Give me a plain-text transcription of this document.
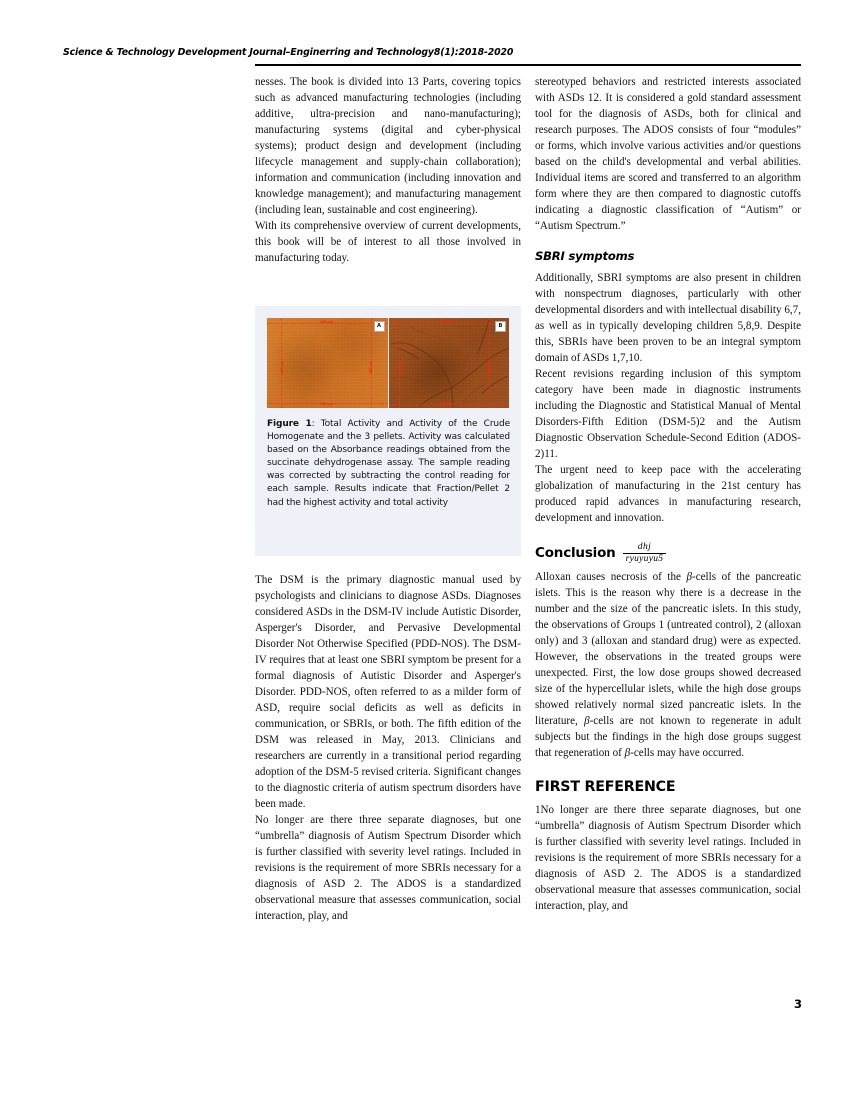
Science & Technology Development Journal–Enginerring and Technology8(1):2018-2020

nesses. The book is divided into 13 Parts, covering topics such as advanced manufacturing technologies (including additive, ultra-precision and nano-manufacturing); manufacturing systems (digital and cyber-physical systems); product design and development (including lifecycle management and supply-chain collaboration); information and communication (including innovation and knowledge management); and manufacturing management (including lean, sustainable and cost engineering).

With its comprehensive overview of current developments, this book will be of interest to all those involved in manufacturing today.

100 µm
100 µm
100 µm	100 µm
A
100 µm
100 µm
100 µm	100 µm
B
Figure 1: Total Activity and Activity of the Crude Homogenate and the 3 pellets. Activity was calculated based on the Absorbance readings obtained from the succinate dehydrogenase assay. The sample reading was corrected by subtracting the control reading for each sample. Results indicate that Fraction/Pellet 2 had the highest activity and total activity

The DSM is the primary diagnostic manual used by psychologists and clinicians to diagnose ASDs. Diagnoses considered ASDs in the DSM-IV include Autistic Disorder, Asperger's Disorder, and Pervasive Developmental Disorder Not Otherwise Specified (PDD-NOS). The DSM-IV requires that at least one SBRI symptom be present for a formal diagnosis of Autistic Disorder and Asperger's Disorder. PDD-NOS, often referred to as a milder form of ASD, require social deficits as well as deficits in communication, or SBRIs, or both. The fifth edition of the DSM was released in May, 2013. Clinicians and researchers are currently in a transitional period regarding adoption of the DSM-5 revised criteria. Significant changes to the diagnostic criteria of autism spectrum disorders have been made.

No longer are there three separate diagnoses, but one “umbrella” diagnosis of Autism Spectrum Disorder which is further classified with severity level ratings. Included in revisions is the requirement of more SBRIs necessary for a diagnosis of ASD 2. The ADOS is a standardized observational measure that assesses communication, social interaction, play, and

stereotyped behaviors and restricted interests associated with ASDs 12. It is considered a gold standard assessment tool for the diagnosis of ASDs, both for clinical and research purposes. The ADOS consists of four “modules” or forms, which involve various activities and/or questions based on the child's developmental and verbal abilities. Individual items are scored and transferred to an algorithm form where they are then compared to diagnostic cutoffs indicating a diagnostic classification of “Autism” or “Autism Spectrum.”

SBRI symptoms

Additionally, SBRI symptoms are also present in children with nonspectrum diagnoses, particularly with other developmental disorders and with intellectual disability 6,7, as well as in typically developing children 5,8,9. Despite this, SBRIs have been proven to be an integral symptom domain of ASDs 1,7,10.

Recent revisions regarding inclusion of this symptom category have been made in diagnostic instruments including the Diagnostic and Statistical Manual of Mental Disorders-Fifth Edition (DSM-5)2 and the Autism Diagnostic Observation Schedule-Second Edition (ADOS- 2)11.

The urgent need to keep pace with the accelerating globalization of manufacturing in the 21st century has produced rapid advances in manufacturing research, development and innovation.

Conclusion $\frac{\text{dhj}}{\text{ryuyuyu5}}$

Alloxan causes necrosis of the β-cells of the pancreatic islets. This is the reason why there is a decrease in the number and the size of the pancreatic islets. In this study, the observations of Groups 1 (untreated control), 2 (alloxan only) and 3 (alloxan and standard drug) were as expected. However, the observations in the treated groups were unexpected. First, the low dose groups showed decreased size of the hypercellular islets, while the high dose groups showed relatively normal sized pancreatic islets. In the literature, β-cells are not known to regenerate in adult subjects but the findings in the high dose groups suggest that regeneration of β-cells may have occurred.

FIRST REFERENCE

1No longer are there three separate diagnoses, but one “umbrella” diagnosis of Autism Spectrum Disorder which is further classified with severity level ratings. Included in revisions is the requirement of more SBRIs necessary for a diagnosis of ASD 2. The ADOS is a standardized observational measure that assesses communication, social interaction, play, and

3
